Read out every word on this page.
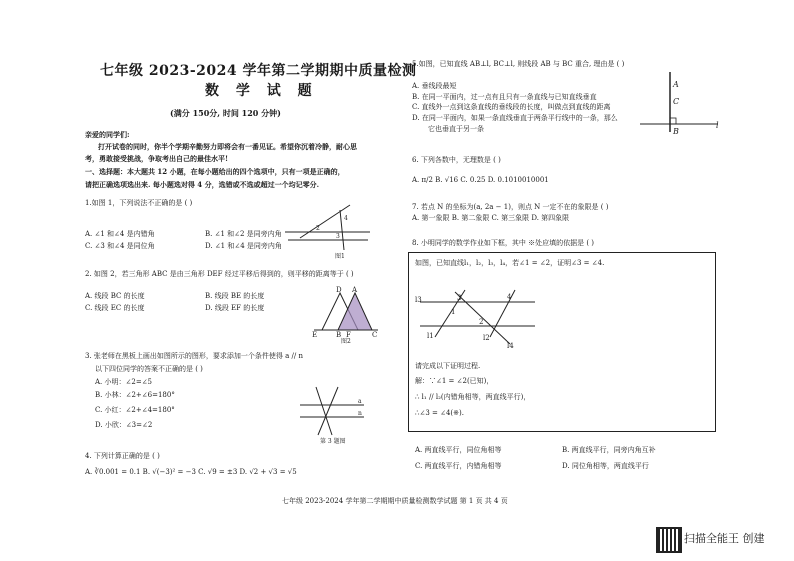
七年级 2023-2024 学年第二学期期中质量检测
数 学 试 题
(满分 150分, 时间 120 分钟)
亲爱的同学们:
打开试卷的同时，你半个学期辛勤努力即将会有一番见证。希望你沉着冷静，耐心思
考，勇敢接受挑战，争取考出自己的最佳水平!
一、选择题：本大题共 12 小题，在每小题给出的四个选项中，只有一项是正确的，
请把正确选项选出来. 每小题选对得 4 分，选错或不选或超过一个均记零分.
1.如图 1，下列说法不正确的是 ( )
A. ∠1 和∠4 是内错角	B. ∠1 和∠2 是同旁内角
C. ∠3 和∠4 是同位角	D. ∠1 和∠4 是同旁内角
4
2
3
图1
2. 如图 2，若三角形 ABC 是由三角形 DEF 经过平移后得到的，则平移的距离等于 ( )
A. 线段 BC 的长度	B. 线段 BE 的长度
C. 线段 EC 的长度	D. 线段 EF 的长度
D A
E	B F	C
图2
3. 张老师在黑板上画出如图所示的图形，要求添加一个条件使得 a // n
以下四位同学的答案不正确的是 ( )
A. 小明：∠2=∠5
B. 小林：∠2+∠6=180°
C. 小红：∠2+∠4=180°
D. 小欣：∠3=∠2
a
n
第 3 题图
4. 下列计算正确的是 ( )
A. ∛0.001 = 0.1 B. √(−3)² = −3 C. √9 = ±3 D. √2 + √3 = √5
5.如图，已知直线 AB⊥l, BC⊥l, 则线段 AB 与 BC 重合, 理由是 ( )
A. 垂线段最短
B. 在同一平面内，过一点有且只有一条直线与已知直线垂直
C. 直线外一点到这条直线的垂线段的长度，叫做点到直线的距离
D. 在同一平面内，如果一条直线垂直于两条平行线中的一条，那么
它也垂直于另一条
A
C
B
l
6. 下列各数中，无理数是 ( )
A. π/2 B. √16 C. 0.25 D. 0.1010010001
7. 若点 N 的坐标为(a, 2a − 1)，则点 N 一定不在的象限是 ( )
A. 第一象限 B. 第二象限 C. 第三象限 D. 第四象限
8. 小明同学的数学作业如下框，其中 ※处应填的依据是 ( )
如图，已知直线l₁，l₂，l₃，l₄，若∠1 = ∠2，证明∠3 = ∠4.
l3	3	4
1
2
l1	l2
l4
请完成以下证明过程.
解：∵∠1 = ∠2(已知)，
∴ l₁ // l₂(内错角相等，两直线平行)，
∴∠3 = ∠4(※).
A. 两直线平行，同位角相等	B. 两直线平行，同旁内角互补
C. 两直线平行，内错角相等	D. 同位角相等，两直线平行
七年级 2023-2024 学年第二学期期中质量检测数学试题 第 1 页 共 4 页
扫描全能王 创建
